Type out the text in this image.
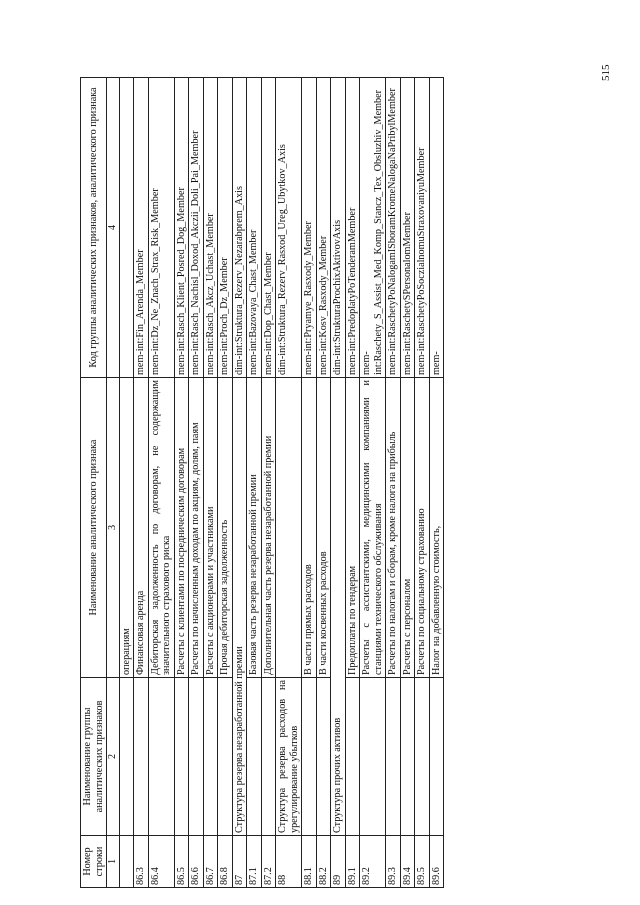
515
Номер строки	Наименование группы аналитических признаков	Наименование аналитического признака	Код группы аналитических признаков, аналитического признака
1	2	3	4
		операциям	
86.3		Финансовая аренда	mem-int:Fin_Arenda_Member
86.4		Дебиторская задолженность по договорам, не содержащим значительного страхового риска	mem-int:Dz_Ne_Znach_Strax_Risk_Member
86.5		Расчеты с клиентами по посредническим договорам	mem-int:Rasch_Klient_Posred_Dog_Member
86.6		Расчеты по начисленным доходам по акциям, долям, паям	mem-int:Rasch_Nachisl_Doxod_Akczii_Doli_Pai_Member
86.7		Расчеты с акционерами и участниками	mem-int:Rasch_Akcz_Uchast_Member
86.8		Прочая дебиторская задолженность	mem-int:Proch_Dz_Member
87	Структура резерва незаработанной премии		dim-int:Struktura_Rezerv_Nezarabprem_Axis
87.1		Базовая часть резерва незаработанной премии	mem-int:Bazovaya_Chast_Member
87.2		Дополнительная часть резерва незаработанной премии	mem-int:Dop_Chast_Member
88	Структура резерва расходов на урегулирование убытков		dim-int:Struktura_Rezerv_Rasxod_Ureg_Ubytkov_Axis
88.1		В части прямых расходов	mem-int:Pryamye_Rasxody_Member
88.2		В части косвенных расходов	mem-int:Kosv_Rasxody_Member
89	Структура прочих активов		dim-int:StrukturaProchixAktivovAxis
89.1		Предоплаты по тендерам	mem-int:PredoplatyPoTenderamMember
89.2		Расчеты с ассистантскими, медицинскими компаниями и станциями технического обслуживания	mem-int:Raschety_S_Assist_Med_Komp_Stancz_Tex_Obsluzhiv_Member
89.3		Расчеты по налогам и сборам, кроме налога на прибыль	mem-int:RaschetyPoNalogamISboramKromeNalogaNaPribylMember
89.4		Расчеты с персоналом	mem-int:RaschetySPersonalomMember
89.5		Расчеты по социальному страхованию	mem-int:RaschetyPoSoczialnomuStraxovaniyuMember
89.6		Налог на добавленную стоимость,	mem-
